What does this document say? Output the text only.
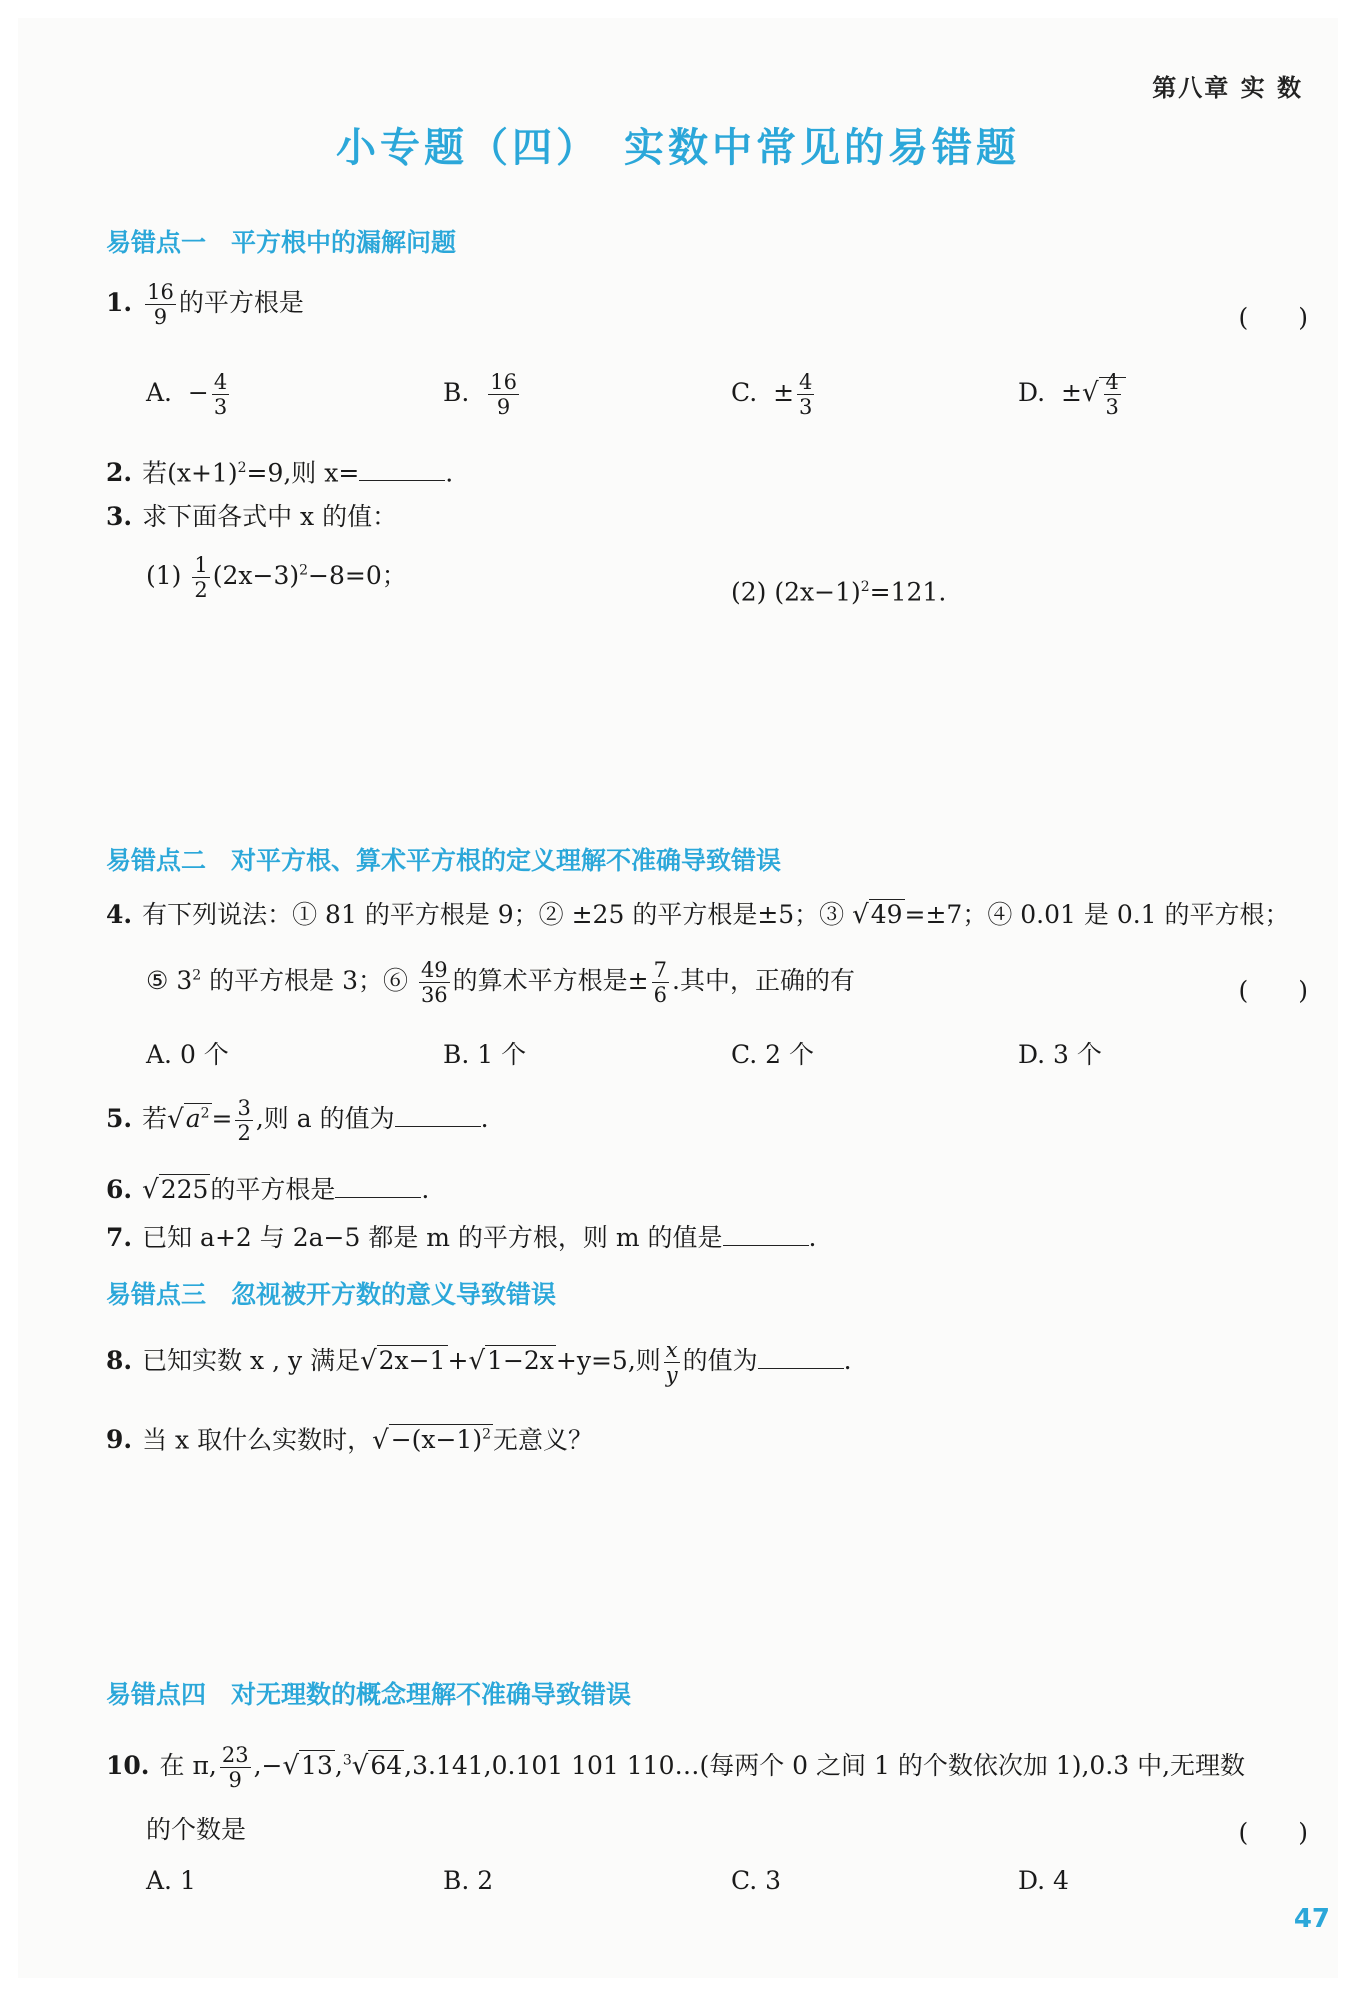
第八章 实 数
小专题（四）　实数中常见的易错题
易错点一　平方根中的漏解问题
1. $\frac{16}{9}$ 的平方根是
(　　)
A. − $\frac{4}{3}$	B. $\frac{16}{9}$	C. ± $\frac{4}{3}$	D. ±√ $\frac{4}{3}$
2. 若$(x+1)^2=9$,则 x=	.
3. 求下面各式中 x 的值：
$(1) \frac{1}{2} (2x-3)^2-8=0$；
(2) $(2x-1)^2=121$.
易错点二　对平方根、算术平方根的定义理解不准确导致错误
4. 有下列说法：① 81 的平方根是 9；② ±25 的平方根是±5；③ √49=±7；④ 0.01 是 0.1 的平方根；
⑤ $3^2$ 的平方根是 3；⑥ $\frac{49}{36}$ 的算术平方根是± $\frac{7}{6}$ .其中，正确的有	(　　)
A. 0 个	B. 1 个	C. 2 个	D. 3 个
5. 若$√a^2= \frac{3}{2}$ ,则 a 的值为	.
6. √225的平方根是	.
7. 已知 a+2 与 2a−5 都是 m 的平方根，则 m 的值是	.
易错点三　忽视被开方数的意义导致错误
8. 已知实数 x , y 满足√2x−1+√1−2x+y=5,则 $\frac{x}{y}$ 的值为	.
9. 当 x 取什么实数时，$√-(x-1)^2$无意义？
易错点四　对无理数的概念理解不准确导致错误
10. 在 π, $\frac{23}{9} ,-√13,^3√64,3.141,0.101$ 101 110…(每两个 0 之间 1 的个数依次加 1),0.3̇ 中,无理数
的个数是	(　　)
A. 1	B. 2	C. 3	D. 4
47
